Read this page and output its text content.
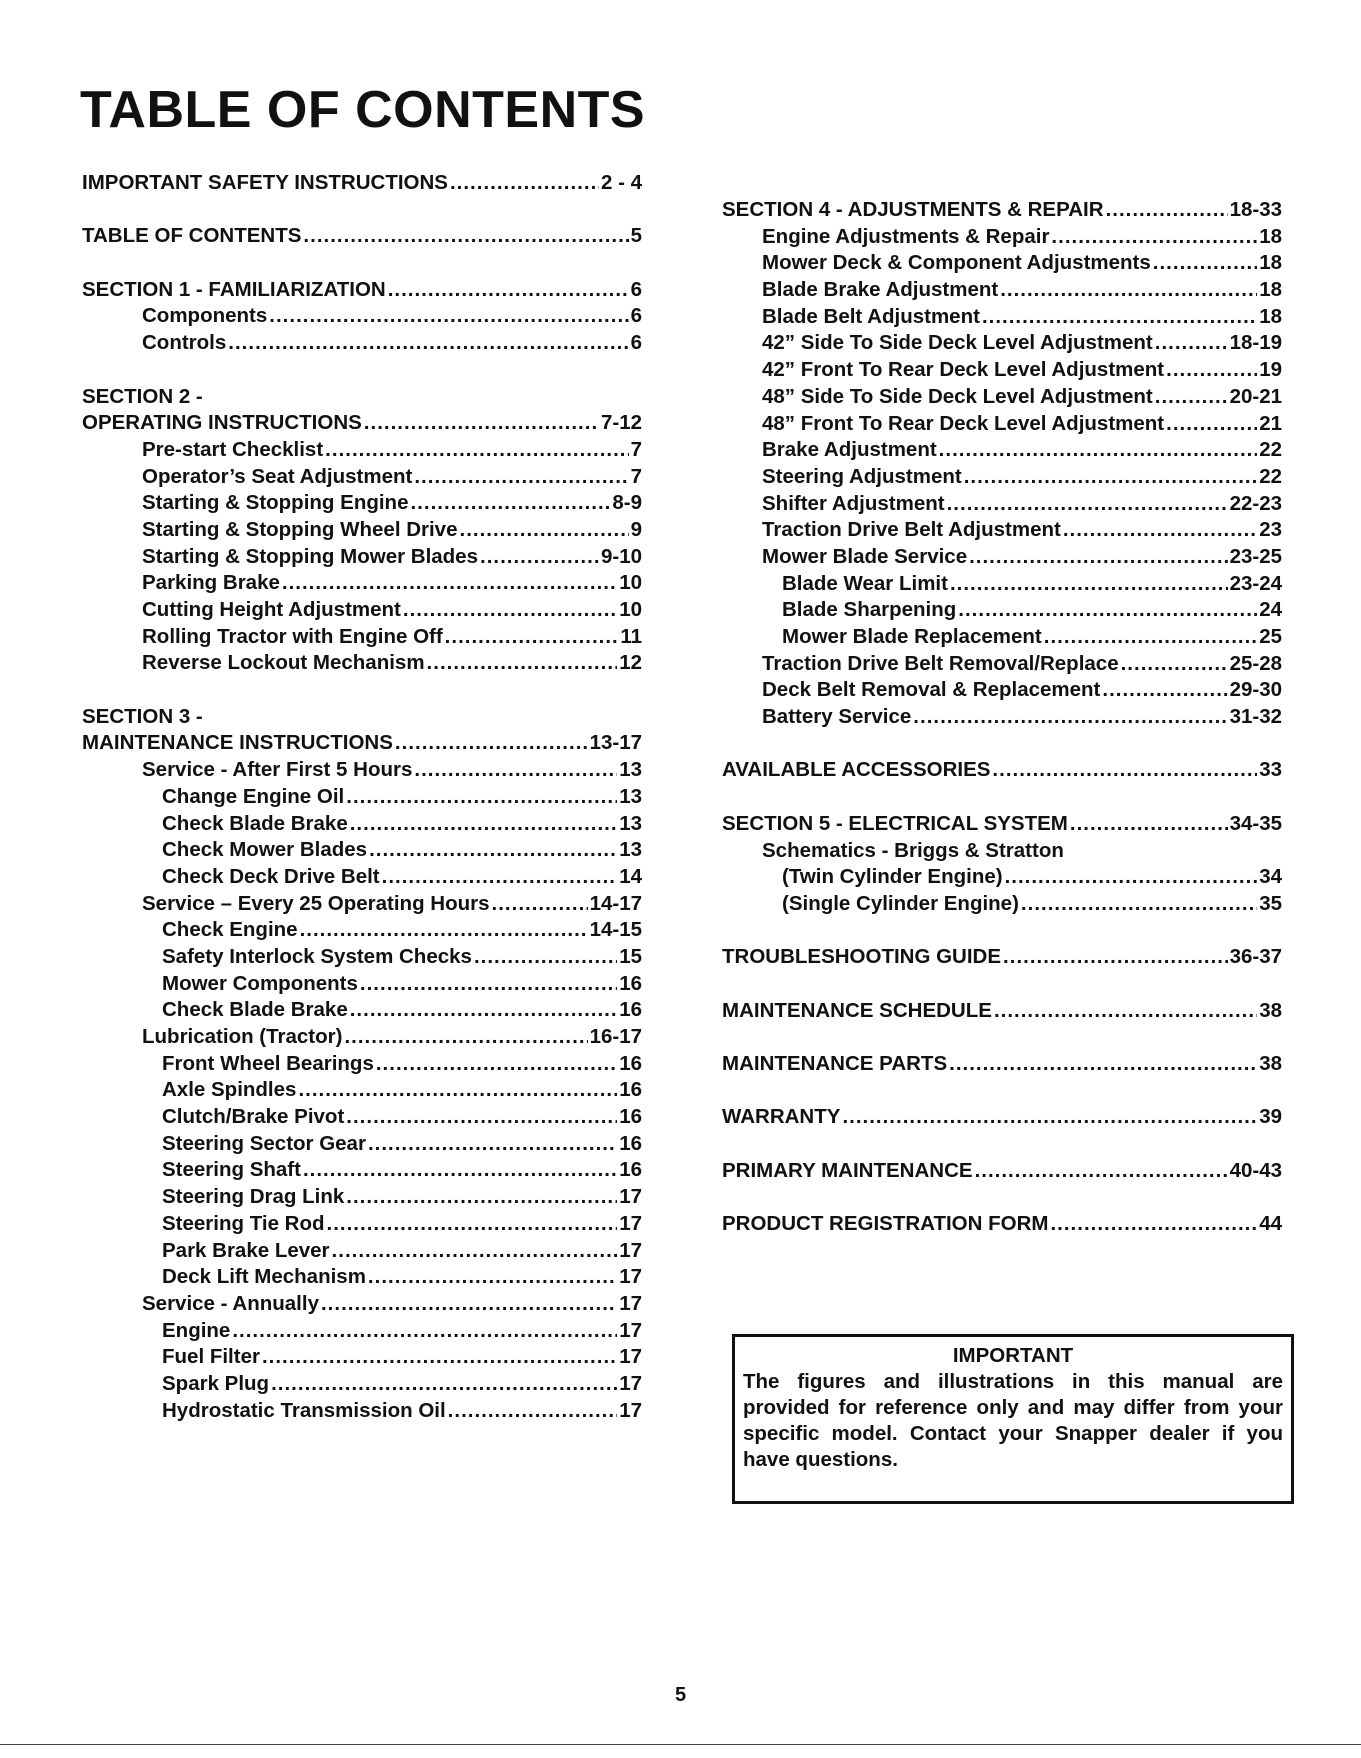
TABLE OF CONTENTS
IMPORTANT SAFETY INSTRUCTIONS .....	2 - 4
TABLE OF CONTENTS .....	5
SECTION 1 - FAMILIARIZATION .....	6
Components .....	6
Controls .....	6
SECTION 2 -
OPERATING INSTRUCTIONS .....	7-12
Pre-start Checklist .....	7
Operator’s Seat Adjustment .....	7
Starting & Stopping Engine .....	8-9
Starting & Stopping Wheel Drive .....	9
Starting & Stopping Mower Blades .....	9-10
Parking Brake .....	10
Cutting Height Adjustment .....	10
Rolling Tractor with Engine Off .....	11
Reverse Lockout Mechanism .....	12
SECTION 3 -
MAINTENANCE INSTRUCTIONS .....	13-17
Service - After First 5 Hours .....	13
Change Engine Oil .....	13
Check Blade Brake .....	13
Check Mower Blades .....	13
Check Deck Drive Belt .....	14
Service – Every 25 Operating Hours .....	14-17
Check Engine .....	14-15
Safety Interlock System Checks .....	15
Mower Components .....	16
Check Blade Brake .....	16
Lubrication (Tractor) .....	16-17
Front Wheel Bearings .....	16
Axle Spindles .....	16
Clutch/Brake Pivot .....	16
Steering Sector Gear .....	16
Steering Shaft .....	16
Steering Drag Link .....	17
Steering Tie Rod .....	17
Park Brake Lever .....	17
Deck Lift Mechanism .....	17
Service - Annually .....	17
Engine .....	17
Fuel Filter .....	17
Spark Plug .....	17
Hydrostatic Transmission Oil .....	17
SECTION 4 - ADJUSTMENTS & REPAIR .....	18-33
Engine Adjustments & Repair .....	18
Mower Deck & Component Adjustments .....	18
Blade Brake Adjustment .....	18
Blade Belt Adjustment .....	18
42” Side To Side Deck Level Adjustment .....	18-19
42” Front To Rear Deck Level Adjustment .....	19
48” Side To Side Deck Level Adjustment .....	20-21
48” Front To Rear Deck Level Adjustment .....	21
Brake Adjustment .....	22
Steering Adjustment .....	22
Shifter Adjustment .....	22-23
Traction Drive Belt Adjustment .....	23
Mower Blade Service .....	23-25
Blade Wear Limit .....	23-24
Blade Sharpening .....	24
Mower Blade Replacement .....	25
Traction Drive Belt Removal/Replace .....	25-28
Deck Belt Removal & Replacement .....	29-30
Battery Service .....	31-32
AVAILABLE ACCESSORIES .....	33
SECTION 5 - ELECTRICAL SYSTEM .....	34-35
Schematics - Briggs & Stratton
(Twin Cylinder Engine) .....	34
(Single Cylinder Engine) .....	35
TROUBLESHOOTING GUIDE .....	36-37
MAINTENANCE SCHEDULE .....	38
MAINTENANCE PARTS .....	38
WARRANTY .....	39
PRIMARY MAINTENANCE .....	40-43
PRODUCT REGISTRATION FORM .....	44
IMPORTANT
The figures and illustrations in this manual are provided for reference only and may differ from your specific model. Contact your Snapper dealer if you have questions.
5
